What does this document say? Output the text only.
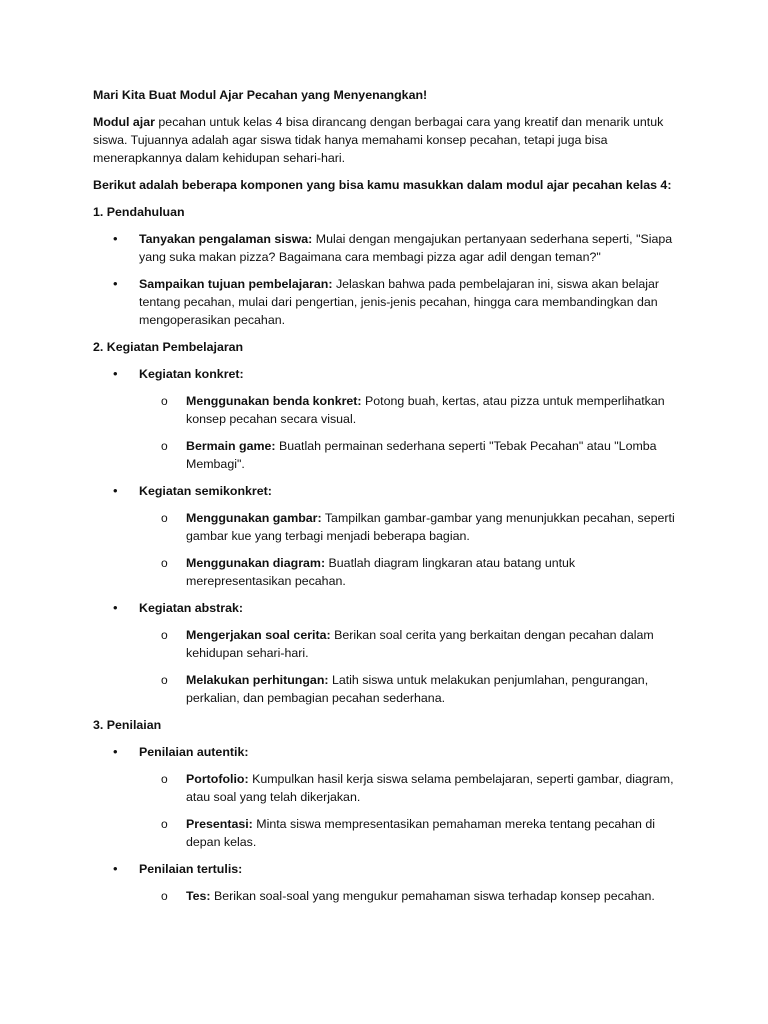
Mari Kita Buat Modul Ajar Pecahan yang Menyenangkan!

Modul ajar pecahan untuk kelas 4 bisa dirancang dengan berbagai cara yang kreatif dan menarik untuk siswa. Tujuannya adalah agar siswa tidak hanya memahami konsep pecahan, tetapi juga bisa menerapkannya dalam kehidupan sehari-hari.

Berikut adalah beberapa komponen yang bisa kamu masukkan dalam modul ajar pecahan kelas 4:

1. Pendahuluan

• Tanyakan pengalaman siswa: Mulai dengan mengajukan pertanyaan sederhana seperti, "Siapa yang suka makan pizza? Bagaimana cara membagi pizza agar adil dengan teman?"

• Sampaikan tujuan pembelajaran: Jelaskan bahwa pada pembelajaran ini, siswa akan belajar tentang pecahan, mulai dari pengertian, jenis-jenis pecahan, hingga cara membandingkan dan mengoperasikan pecahan.

2. Kegiatan Pembelajaran

• Kegiatan konkret:

o Menggunakan benda konkret: Potong buah, kertas, atau pizza untuk memperlihatkan konsep pecahan secara visual.

o Bermain game: Buatlah permainan sederhana seperti "Tebak Pecahan" atau "Lomba Membagi".

• Kegiatan semikonkret:

o Menggunakan gambar: Tampilkan gambar-gambar yang menunjukkan pecahan, seperti gambar kue yang terbagi menjadi beberapa bagian.

o Menggunakan diagram: Buatlah diagram lingkaran atau batang untuk merepresentasikan pecahan.

• Kegiatan abstrak:

o Mengerjakan soal cerita: Berikan soal cerita yang berkaitan dengan pecahan dalam kehidupan sehari-hari.

o Melakukan perhitungan: Latih siswa untuk melakukan penjumlahan, pengurangan, perkalian, dan pembagian pecahan sederhana.

3. Penilaian

• Penilaian autentik:

o Portofolio: Kumpulkan hasil kerja siswa selama pembelajaran, seperti gambar, diagram, atau soal yang telah dikerjakan.

o Presentasi: Minta siswa mempresentasikan pemahaman mereka tentang pecahan di depan kelas.

• Penilaian tertulis:

o Tes: Berikan soal-soal yang mengukur pemahaman siswa terhadap konsep pecahan.
